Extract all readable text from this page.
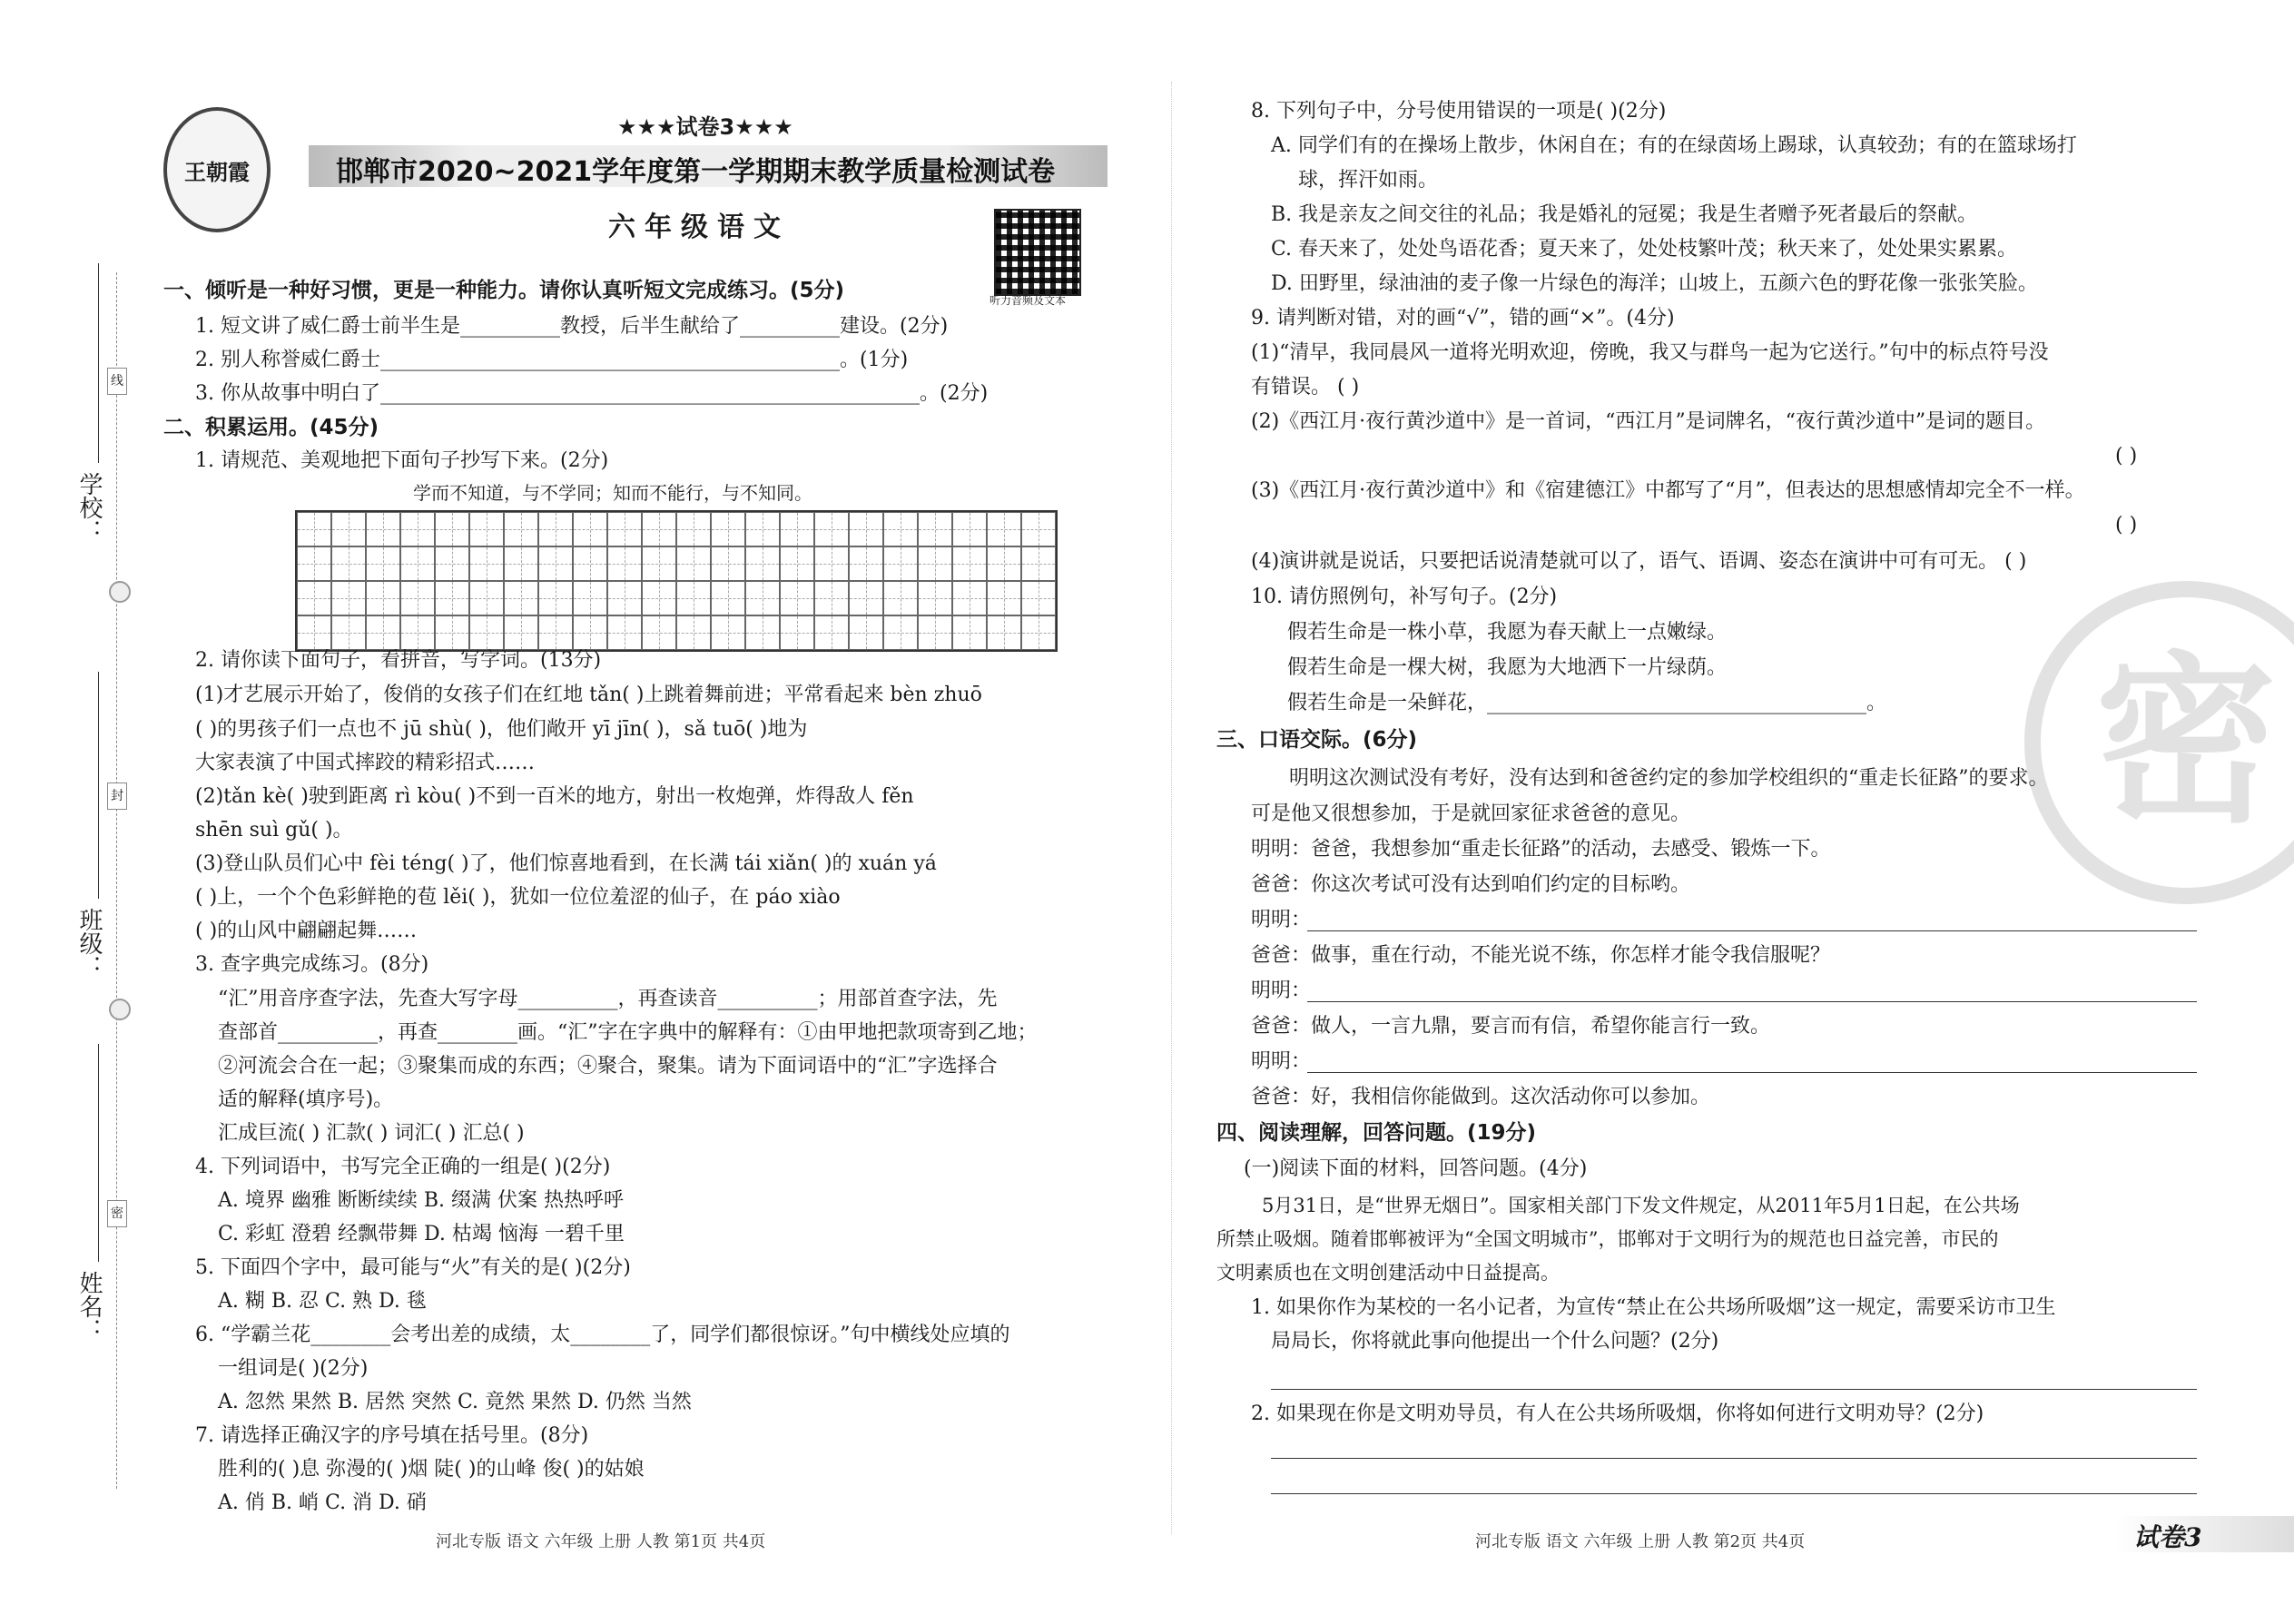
学校：
班级：
姓名：
线
封
密
王朝霞
★★★试卷3★★★
邯郸市2020~2021学年度第一学期期末教学质量检测试卷
六年级语文
听力音频及文本
一、倾听是一种好习惯，更是一种能力。请你认真听短文完成练习。(5分)
1. 短文讲了威仁爵士前半生是__________教授，后半生献给了__________建设。(2分)
2. 别人称誉威仁爵士______________________________________________。(1分)
3. 你从故事中明白了______________________________________________________。(2分)
二、积累运用。(45分)
1. 请规范、美观地把下面句子抄写下来。(2分)
学而不知道，与不学同；知而不能行，与不知同。
2. 请你读下面句子，看拼音，写字词。(13分)
(1)才艺展示开始了，俊俏的女孩子们在红地 tǎn( )上跳着舞前进；平常看起来 bèn zhuō
( )的男孩子们一点也不 jū shù( )，他们敞开 yī jīn( )，sǎ tuō( )地为
大家表演了中国式摔跤的精彩招式……
(2)tǎn kè( )驶到距离 rì kòu( )不到一百米的地方，射出一枚炮弹，炸得敌人 fěn
shēn suì gǔ( )。
(3)登山队员们心中 fèi téng( )了，他们惊喜地看到，在长满 tái xiǎn( )的 xuán yá
( )上，一个个色彩鲜艳的苞 lěi( )，犹如一位位羞涩的仙子，在 páo xiào
( )的山风中翩翩起舞……
3. 查字典完成练习。(8分)
“汇”用音序查字法，先查大写字母__________，再查读音__________；用部首查字法，先
查部首__________，再查________画。“汇”字在字典中的解释有：①由甲地把款项寄到乙地；
②河流会合在一起；③聚集而成的东西；④聚合，聚集。请为下面词语中的“汇”字选择合
适的解释(填序号)。
汇成巨流( ) 汇款( ) 词汇( ) 汇总( )
4. 下列词语中，书写完全正确的一组是( )(2分)
A. 境界 幽雅 断断续续 B. 缀满 伏案 热热呼呼
C. 彩虹 澄碧 经飘带舞 D. 枯竭 恼海 一碧千里
5. 下面四个字中，最可能与“火”有关的是( )(2分)
A. 糊 B. 忍 C. 熟 D. 毯
6. “学霸兰花________会考出差的成绩，太________了，同学们都很惊讶。”句中横线处应填的
一组词是( )(2分)
A. 忽然 果然 B. 居然 突然 C. 竟然 果然 D. 仍然 当然
7. 请选择正确汉字的序号填在括号里。(8分)
胜利的( )息 弥漫的( )烟 陡( )的山峰 俊( )的姑娘
A. 俏 B. 峭 C. 消 D. 硝
河北专版 语文 六年级 上册 人教 第1页 共4页
密
8. 下列句子中，分号使用错误的一项是( )(2分)
A. 同学们有的在操场上散步，休闲自在；有的在绿茵场上踢球，认真较劲；有的在篮球场打
球，挥汗如雨。
B. 我是亲友之间交往的礼品；我是婚礼的冠冕；我是生者赠予死者最后的祭献。
C. 春天来了，处处鸟语花香；夏天来了，处处枝繁叶茂；秋天来了，处处果实累累。
D. 田野里，绿油油的麦子像一片绿色的海洋；山坡上，五颜六色的野花像一张张笑脸。
9. 请判断对错，对的画“√”，错的画“×”。(4分)
(1)“清早，我同晨风一道将光明欢迎，傍晚，我又与群鸟一起为它送行。”句中的标点符号没
有错误。 ( )
(2)《西江月·夜行黄沙道中》是一首词，“西江月”是词牌名，“夜行黄沙道中”是词的题目。
( )
(3)《西江月·夜行黄沙道中》和《宿建德江》中都写了“月”，但表达的思想感情却完全不一样。
( )
(4)演讲就是说话，只要把话说清楚就可以了，语气、语调、姿态在演讲中可有可无。 ( )
10. 请仿照例句，补写句子。(2分)
假若生命是一株小草，我愿为春天献上一点嫩绿。
假若生命是一棵大树，我愿为大地洒下一片绿荫。
假若生命是一朵鲜花，______________________________________。
三、口语交际。(6分)
明明这次测试没有考好，没有达到和爸爸约定的参加学校组织的“重走长征路”的要求。
可是他又很想参加，于是就回家征求爸爸的意见。
明明：爸爸，我想参加“重走长征路”的活动，去感受、锻炼一下。
爸爸：你这次考试可没有达到咱们约定的目标哟。
明明：
爸爸：做事，重在行动，不能光说不练，你怎样才能令我信服呢？
明明：
爸爸：做人，一言九鼎，要言而有信，希望你能言行一致。
明明：
爸爸：好，我相信你能做到。这次活动你可以参加。
四、阅读理解，回答问题。(19分)
(一)阅读下面的材料，回答问题。(4分)
5月31日，是“世界无烟日”。国家相关部门下发文件规定，从2011年5月1日起，在公共场
所禁止吸烟。随着邯郸被评为“全国文明城市”，邯郸对于文明行为的规范也日益完善，市民的
文明素质也在文明创建活动中日益提高。
1. 如果你作为某校的一名小记者，为宣传“禁止在公共场所吸烟”这一规定，需要采访市卫生
局局长，你将就此事向他提出一个什么问题？(2分)
2. 如果现在你是文明劝导员，有人在公共场所吸烟，你将如何进行文明劝导？(2分)
河北专版 语文 六年级 上册 人教 第2页 共4页	试卷3
